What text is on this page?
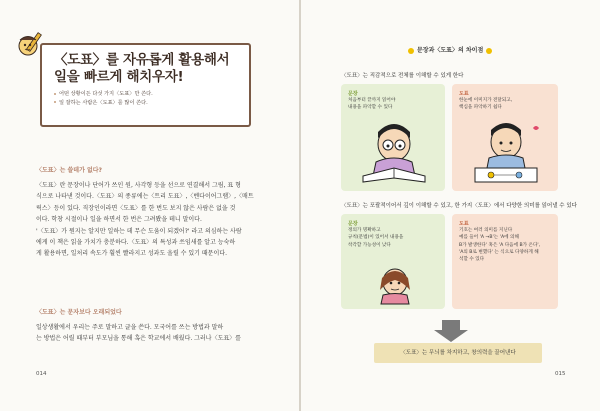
〈도표〉를 자유롭게 활용해서
일을 빠르게 해치우자!
어떤 상황이든 다섯 가지〈도표〉만 쓴다.
일 잘하는 사람은〈도표〉를 많이 쓴다.
〈도표〉는 쓸데가 없다?
〈도표〉란 문장이나 단어가 쓰인 원, 사각형 등을 선으로 연결해서 그림, 표 형
식으로 나타낸 것이다.〈도표〉의 종류에는〈트리 도표〉,〈벤다이어그램〉,〈매트
릭스〉등이 있다. 직장인이라면〈도표〉를 한 번도 보지 않은 사람은 없을 것
이다. 학창 시절이나 일을 하면서 한 번은 그려봤을 테니 말이다.
'〈도표〉가 뭔지는 알지만 일하는 데 무슨 도움이 되겠어?' 라고 의심하는 사람
에게 이 책은 읽을 가치가 충분하다.〈도표〉의 특성과 쓰임새를 알고 능숙하
게 활용하면, 일처리 속도가 훨씬 빨라지고 성과도 올릴 수 있기 때문이다.
〈도표〉는 문자보다 오래되었다
일상생활에서 우리는 주로 말하고 글을 쓴다. 모국어를 쓰는 방법과 말하
는 방법은 어릴 때부터 부모님을 통해 혹은 학교에서 배웠다. 그러나〈도표〉를
014
문장과〈도표〉의 차이점
〈도표〉는 직감적으로 전체를 이해할 수 있게 한다
문장
처음부터 끝까지 읽어야
내용을 파악할 수 있다
도표
한눈에 이미지가 전달되고,
핵심을 파악하기 쉽다
〈도표〉는 포괄적이어서 깊이 이해할 수 있고, 한 가지〈도표〉에서 다양한 의미를 읽어낼 수 있다
문장
정의가 명확하고
규칙(문법)이 있어서 내용을
착각할 가능성이 낮다
도표
기호는 여러 의미를 지닌다
예를 들어 'A →B'는 'A에 의해
B가 발생한다' 혹은 'A 다음에 B가 온다',
'A의 B로 변했다' 는 식으로 다양하게 해
석할 수 있다
〈도표〉는 무늬를 차지하고, 창의력을 끌어낸다
015
